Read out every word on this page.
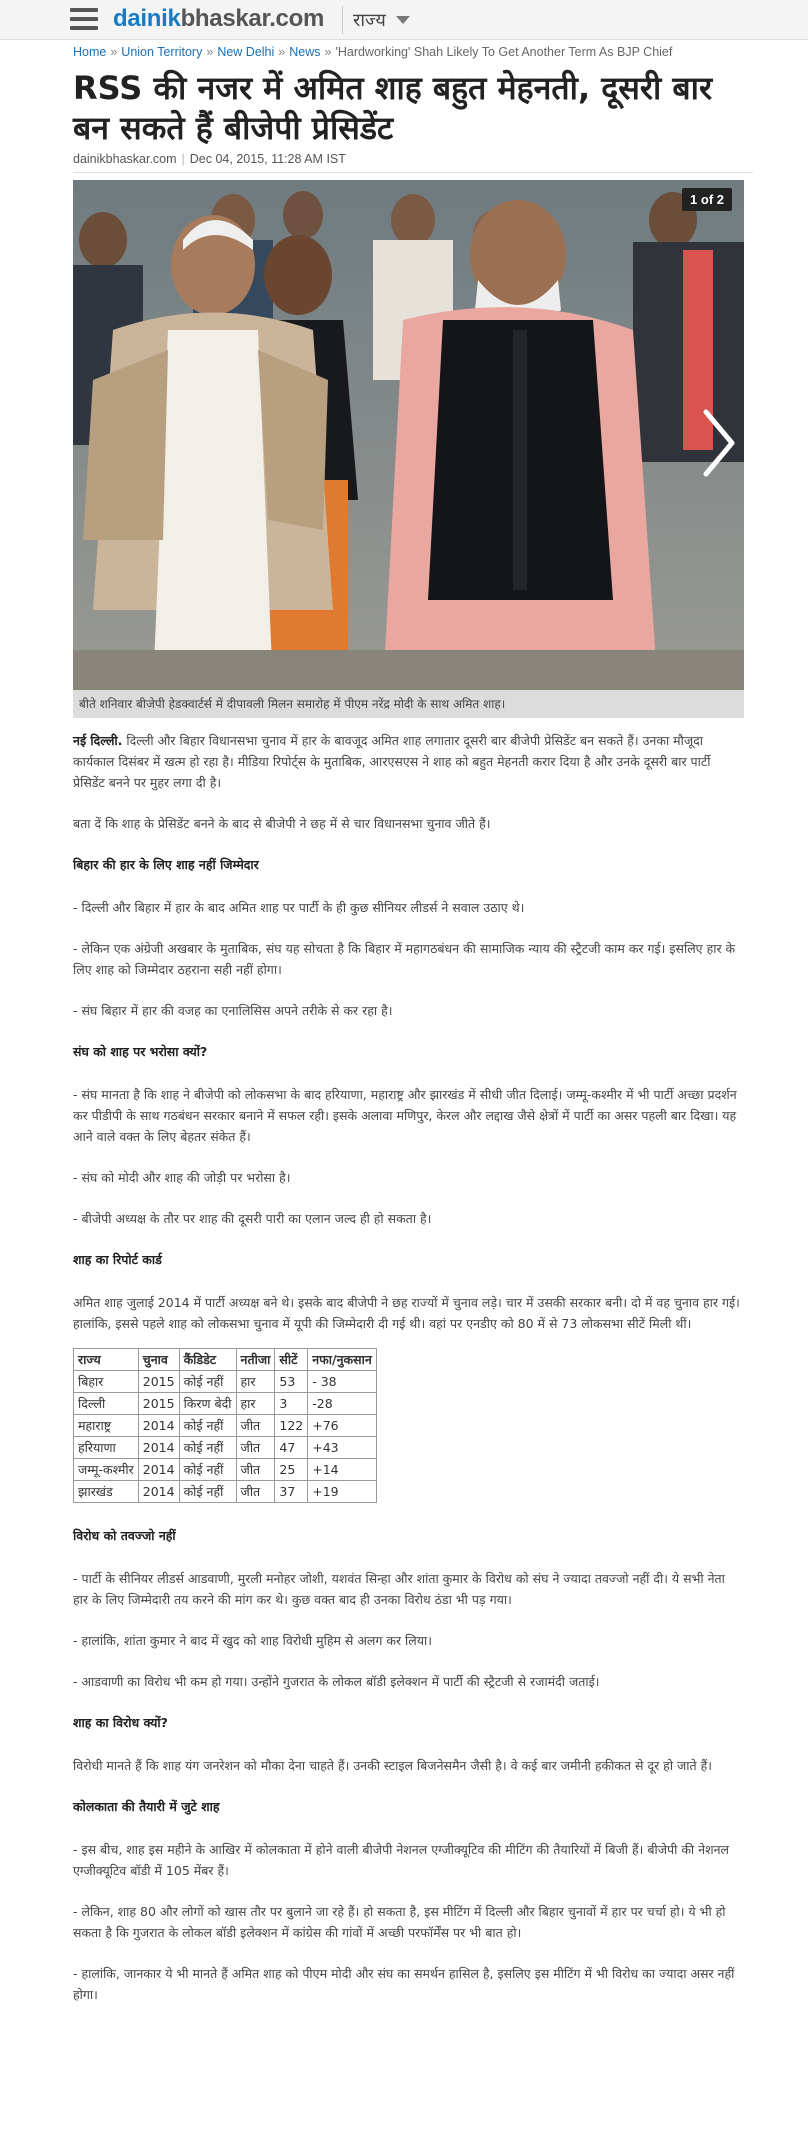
dainikbhaskar.com राज्य
Home » Union Territory » New Delhi » News » 'Hardworking' Shah Likely To Get Another Term As BJP Chief
RSS की नजर में अमित शाह बहुत मेहनती, दूसरी बार बन सकते हैं बीजेपी प्रेसिडेंट
dainikbhaskar.com | Dec 04, 2015, 11:28 AM IST
1 of 2
बीते शनिवार बीजेपी हेडक्वार्टर्स में दीपावली मिलन समारोह में पीएम नरेंद्र मोदी के साथ अमित शाह।

नई दिल्ली. दिल्ली और बिहार विधानसभा चुनाव में हार के बावजूद अमित शाह लगातार दूसरी बार बीजेपी प्रेसिडेंट बन सकते हैं। उनका मौजूदा कार्यकाल दिसंबर में खत्म हो रहा है। मीडिया रिपोर्ट्स के मुताबिक, आरएसएस ने शाह को बहुत मेहनती करार दिया है और उनके दूसरी बार पार्टी प्रेसिडेंट बनने पर मुहर लगा दी है।

बता दें कि शाह के प्रेसिडेंट बनने के बाद से बीजेपी ने छह में से चार विधानसभा चुनाव जीते हैं।

बिहार की हार के लिए शाह नहीं जिम्मेदार

- दिल्ली और बिहार में हार के बाद अमित शाह पर पार्टी के ही कुछ सीनियर लीडर्स ने सवाल उठाए थे।

- लेकिन एक अंग्रेजी अखबार के मुताबिक, संघ यह सोचता है कि बिहार में महागठबंधन की सामाजिक न्याय की स्ट्रैटजी काम कर गई। इसलिए हार के लिए शाह को जिम्मेदार ठहराना सही नहीं होगा।

- संघ बिहार में हार की वजह का एनालिसिस अपने तरीके से कर रहा है।

संघ को शाह पर भरोसा क्यों?

- संघ मानता है कि शाह ने बीजेपी को लोकसभा के बाद हरियाणा, महाराष्ट्र और झारखंड में सीधी जीत दिलाई। जम्मू-कश्मीर में भी पार्टी अच्छा प्रदर्शन कर पीडीपी के साथ गठबंधन सरकार बनाने में सफल रही। इसके अलावा मणिपुर, केरल और लद्दाख जैसे क्षेत्रों में पार्टी का असर पहली बार दिखा। यह आने वाले वक्त के लिए बेहतर संकेत हैं।

- संघ को मोदी और शाह की जोड़ी पर भरोसा है।

- बीजेपी अध्यक्ष के तौर पर शाह की दूसरी पारी का एलान जल्द ही हो सकता है।

शाह का रिपोर्ट कार्ड

अमित शाह जुलाई 2014 में पार्टी अध्यक्ष बने थे। इसके बाद बीजेपी ने छह राज्यों में चुनाव लड़े। चार में उसकी सरकार बनी। दो में वह चुनाव हार गई। हालांकि, इससे पहले शाह को लोकसभा चुनाव में यूपी की जिम्मेदारी दी गई थी। वहां पर एनडीए को 80 में से 73 लोकसभा सीटें मिली थीं।

राज्य	चुनाव	कैंडिडेट	नतीजा	सीटें	नफा/नुकसान
बिहार	2015	कोई नहीं	हार	53	- 38
दिल्ली	2015	किरण बेदी	हार	3	-28
महाराष्ट्र	2014	कोई नहीं	जीत	122	+76
हरियाणा	2014	कोई नहीं	जीत	47	+43
जम्मू-कश्मीर	2014	कोई नहीं	जीत	25	+14
झारखंड	2014	कोई नहीं	जीत	37	+19
विरोध को तवज्जो नहीं

- पार्टी के सीनियर लीडर्स आडवाणी, मुरली मनोहर जोशी, यशवंत सिन्हा और शांता कुमार के विरोध को संघ ने ज्यादा तवज्जो नहीं दी। ये सभी नेता हार के लिए जिम्मेदारी तय करने की मांग कर थे। कुछ वक्त बाद ही उनका विरोध ठंडा भी पड़ गया।

- हालांकि, शांता कुमार ने बाद में खुद को शाह विरोधी मुहिम से अलग कर लिया।

- आडवाणी का विरोध भी कम हो गया। उन्होंने गुजरात के लोकल बॉडी इलेक्शन में पार्टी की स्ट्रैटजी से रजामंदी जताई।

शाह का विरोध क्यों?

विरोधी मानते हैं कि शाह यंग जनरेशन को मौका देना चाहते हैं। उनकी स्टाइल बिजनेसमैन जैसी है। वे कई बार जमीनी हकीकत से दूर हो जाते हैं।

कोलकाता की तैयारी में जुटे शाह

- इस बीच, शाह इस महीने के आखिर में कोलकाता में होने वाली बीजेपी नेशनल एग्जीक्यूटिव की मीटिंग की तैयारियों में बिजी हैं। बीजेपी की नेशनल एग्जीक्यूटिव बॉडी में 105 मेंबर हैं।

- लेकिन, शाह 80 और लोगों को खास तौर पर बुलाने जा रहे हैं। हो सकता है, इस मीटिंग में दिल्ली और बिहार चुनावों में हार पर चर्चा हो। ये भी हो सकता है कि गुजरात के लोकल बॉडी इलेक्शन में कांग्रेस की गांवों में अच्छी परफॉर्मेंस पर भी बात हो।

- हालांकि, जानकार ये भी मानते हैं अमित शाह को पीएम मोदी और संघ का समर्थन हासिल है, इसलिए इस मीटिंग में भी विरोध का ज्यादा असर नहीं होगा।
